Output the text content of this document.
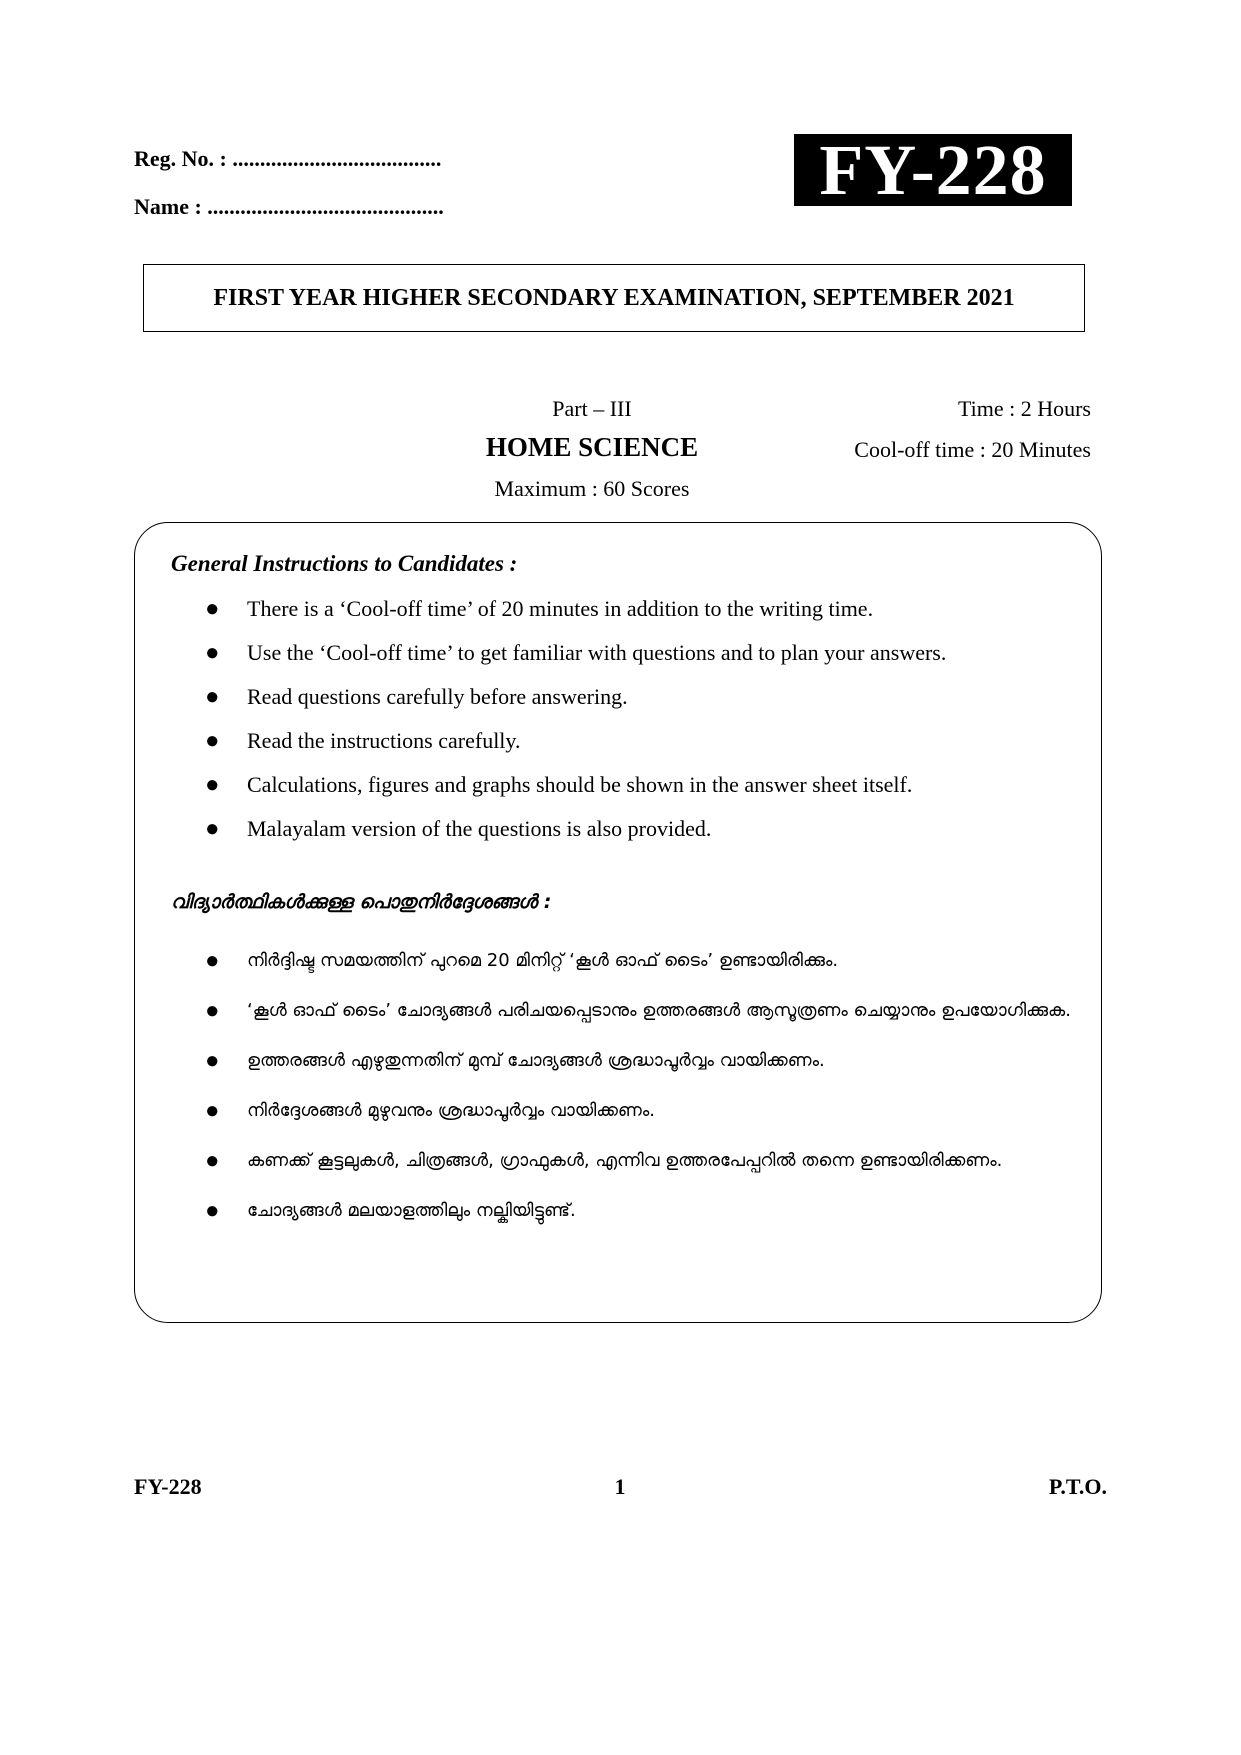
Reg. No. : ......................................
Name : ...........................................	FY-228
FIRST YEAR HIGHER SECONDARY EXAMINATION, SEPTEMBER 2021
Part – III
HOME SCIENCE
Maximum : 60 Scores
Time : 2 Hours
Cool-off time : 20 Minutes
General Instructions to Candidates :
● There is a ‘Cool-off time’ of 20 minutes in addition to the writing time.
● Use the ‘Cool-off time’ to get familiar with questions and to plan your answers.
● Read questions carefully before answering.
● Read the instructions carefully.
● Calculations, figures and graphs should be shown in the answer sheet itself.
● Malayalam version of the questions is also provided.
വിദ്യാർത്ഥികൾക്കുള്ള പൊതുനിർദ്ദേശങ്ങൾ :
●	നിർദ്ദിഷ്ട സമയത്തിന് പുറമെ 20 മിനിറ്റ് ‘കൂൾ ഓഫ് ടൈം’ ഉണ്ടായിരിക്കും.
●	‘കൂൾ ഓഫ് ടൈം’ ചോദ്യങ്ങൾ പരിചയപ്പെടാനും ഉത്തരങ്ങൾ ആസൂത്രണം ചെയ്യാനും ഉപയോഗിക്കുക.
●	ഉത്തരങ്ങൾ എഴുതുന്നതിന് മുമ്പ് ചോദ്യങ്ങൾ ശ്രദ്ധാപൂർവ്വം വായിക്കണം.
●	നിർദ്ദേശങ്ങൾ മുഴുവനും ശ്രദ്ധാപൂർവ്വം വായിക്കണം.
●	കണക്ക് കൂട്ടലുകൾ, ചിത്രങ്ങൾ, ഗ്രാഫുകൾ, എന്നിവ ഉത്തരപേപ്പറിൽ തന്നെ ഉണ്ടായിരിക്കണം.
●	ചോദ്യങ്ങൾ മലയാളത്തിലും നല്കിയിട്ടുണ്ട്.
FY-228	1	P.T.O.
